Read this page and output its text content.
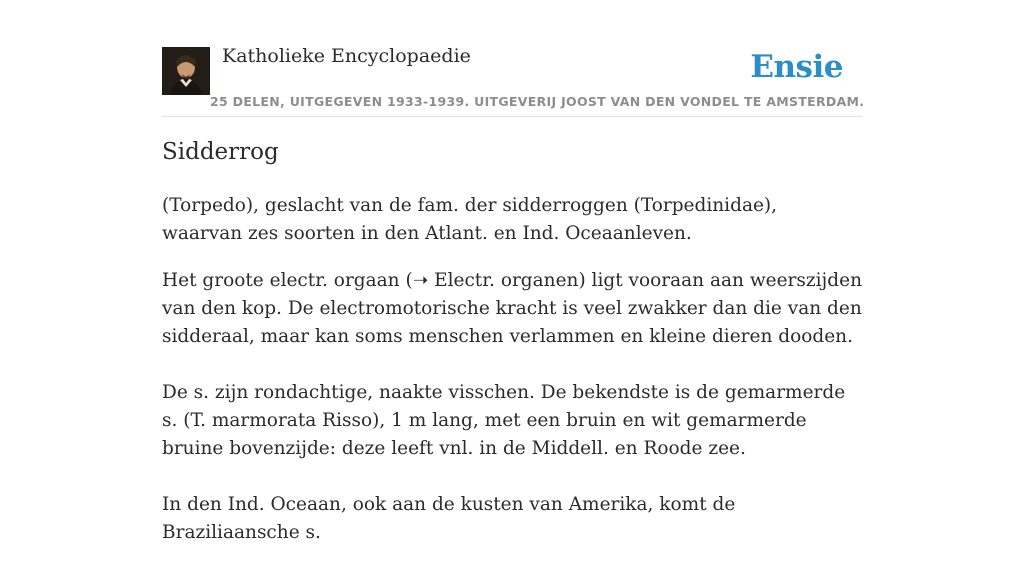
Katholieke Encyclopaedie	Ensie
25 DELEN, UITGEGEVEN 1933-1939. UITGEVERIJ JOOST VAN DEN VONDEL TE AMSTERDAM.
Sidderrog

(Torpedo), geslacht van de fam. der sidderroggen (Torpedinidae), waarvan zes soorten in den Atlant. en Ind. Oceaanleven.

Het groote electr. orgaan (➝ Electr. organen) ligt vooraan aan weerszijden van den kop. De electromotorische kracht is veel zwakker dan die van den sidderaal, maar kan soms menschen verlammen en kleine dieren dooden.

De s. zijn rondachtige, naakte visschen. De bekendste is de gemarmerde s. (T. marmorata Risso), 1 m lang, met een bruin en wit gemarmerde bruine bovenzijde: deze leeft vnl. in de Middell. en Roode zee.

In den Ind. Oceaan, ook aan de kusten van Amerika, komt de Braziliaansche s.
